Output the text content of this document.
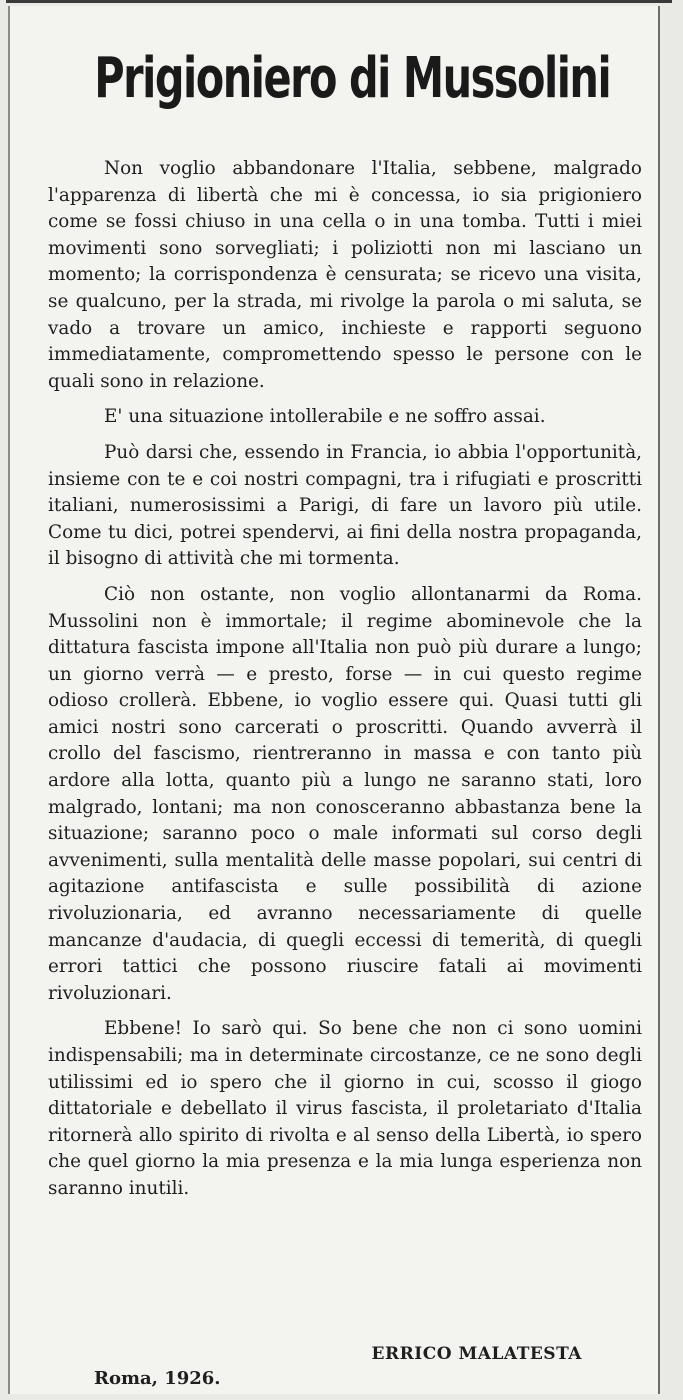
Prigioniero di Mussolini

Non voglio abbandonare l'Italia, sebbene, malgrado l'apparenza di libertà che mi è concessa, io sia prigioniero come se fossi chiuso in una cella o in una tomba. Tutti i miei movimenti sono sorvegliati; i poliziotti non mi lasciano un momento; la corrispondenza è censurata; se ricevo una visita, se qualcuno, per la strada, mi rivolge la parola o mi saluta, se vado a trovare un amico, inchieste e rapporti seguono immediatamente, compromettendo spesso le persone con le quali sono in relazione.

E' una situazione intollerabile e ne soffro assai.

Può darsi che, essendo in Francia, io abbia l'opportunità, insieme con te e coi nostri compagni, tra i rifugiati e proscritti italiani, numerosissimi a Parigi, di fare un lavoro più utile. Come tu dici, potrei spendervi, ai fini della nostra propaganda, il bisogno di attività che mi tormenta.

Ciò non ostante, non voglio allontanarmi da Roma. Mussolini non è immortale; il regime abominevole che la dittatura fascista impone all'Italia non può più durare a lungo; un giorno verrà — e presto, forse — in cui questo regime odioso crollerà. Ebbene, io voglio essere qui. Quasi tutti gli amici nostri sono carcerati o proscritti. Quando avverrà il crollo del fascismo, rientreranno in massa e con tanto più ardore alla lotta, quanto più a lungo ne saranno stati, loro malgrado, lontani; ma non conosceranno abbastanza bene la situazione; saranno poco o male informati sul corso degli avvenimenti, sulla mentalità delle masse popolari, sui centri di agitazione antifascista e sulle possibilità di azione rivoluzionaria, ed avranno necessariamente di quelle mancanze d'audacia, di quegli eccessi di temerità, di quegli errori tattici che possono riuscire fatali ai movimenti rivoluzionari.

Ebbene! Io sarò qui. So bene che non ci sono uomini indispensabili; ma in determinate circostanze, ce ne sono degli utilissimi ed io spero che il giorno in cui, scosso il giogo dittatoriale e debellato il virus fascista, il proletariato d'Italia ritornerà allo spirito di rivolta e al senso della Libertà, io spero che quel giorno la mia presenza e la mia lunga esperienza non saranno inutili.

ERRICO MALATESTA
Roma, 1926.
